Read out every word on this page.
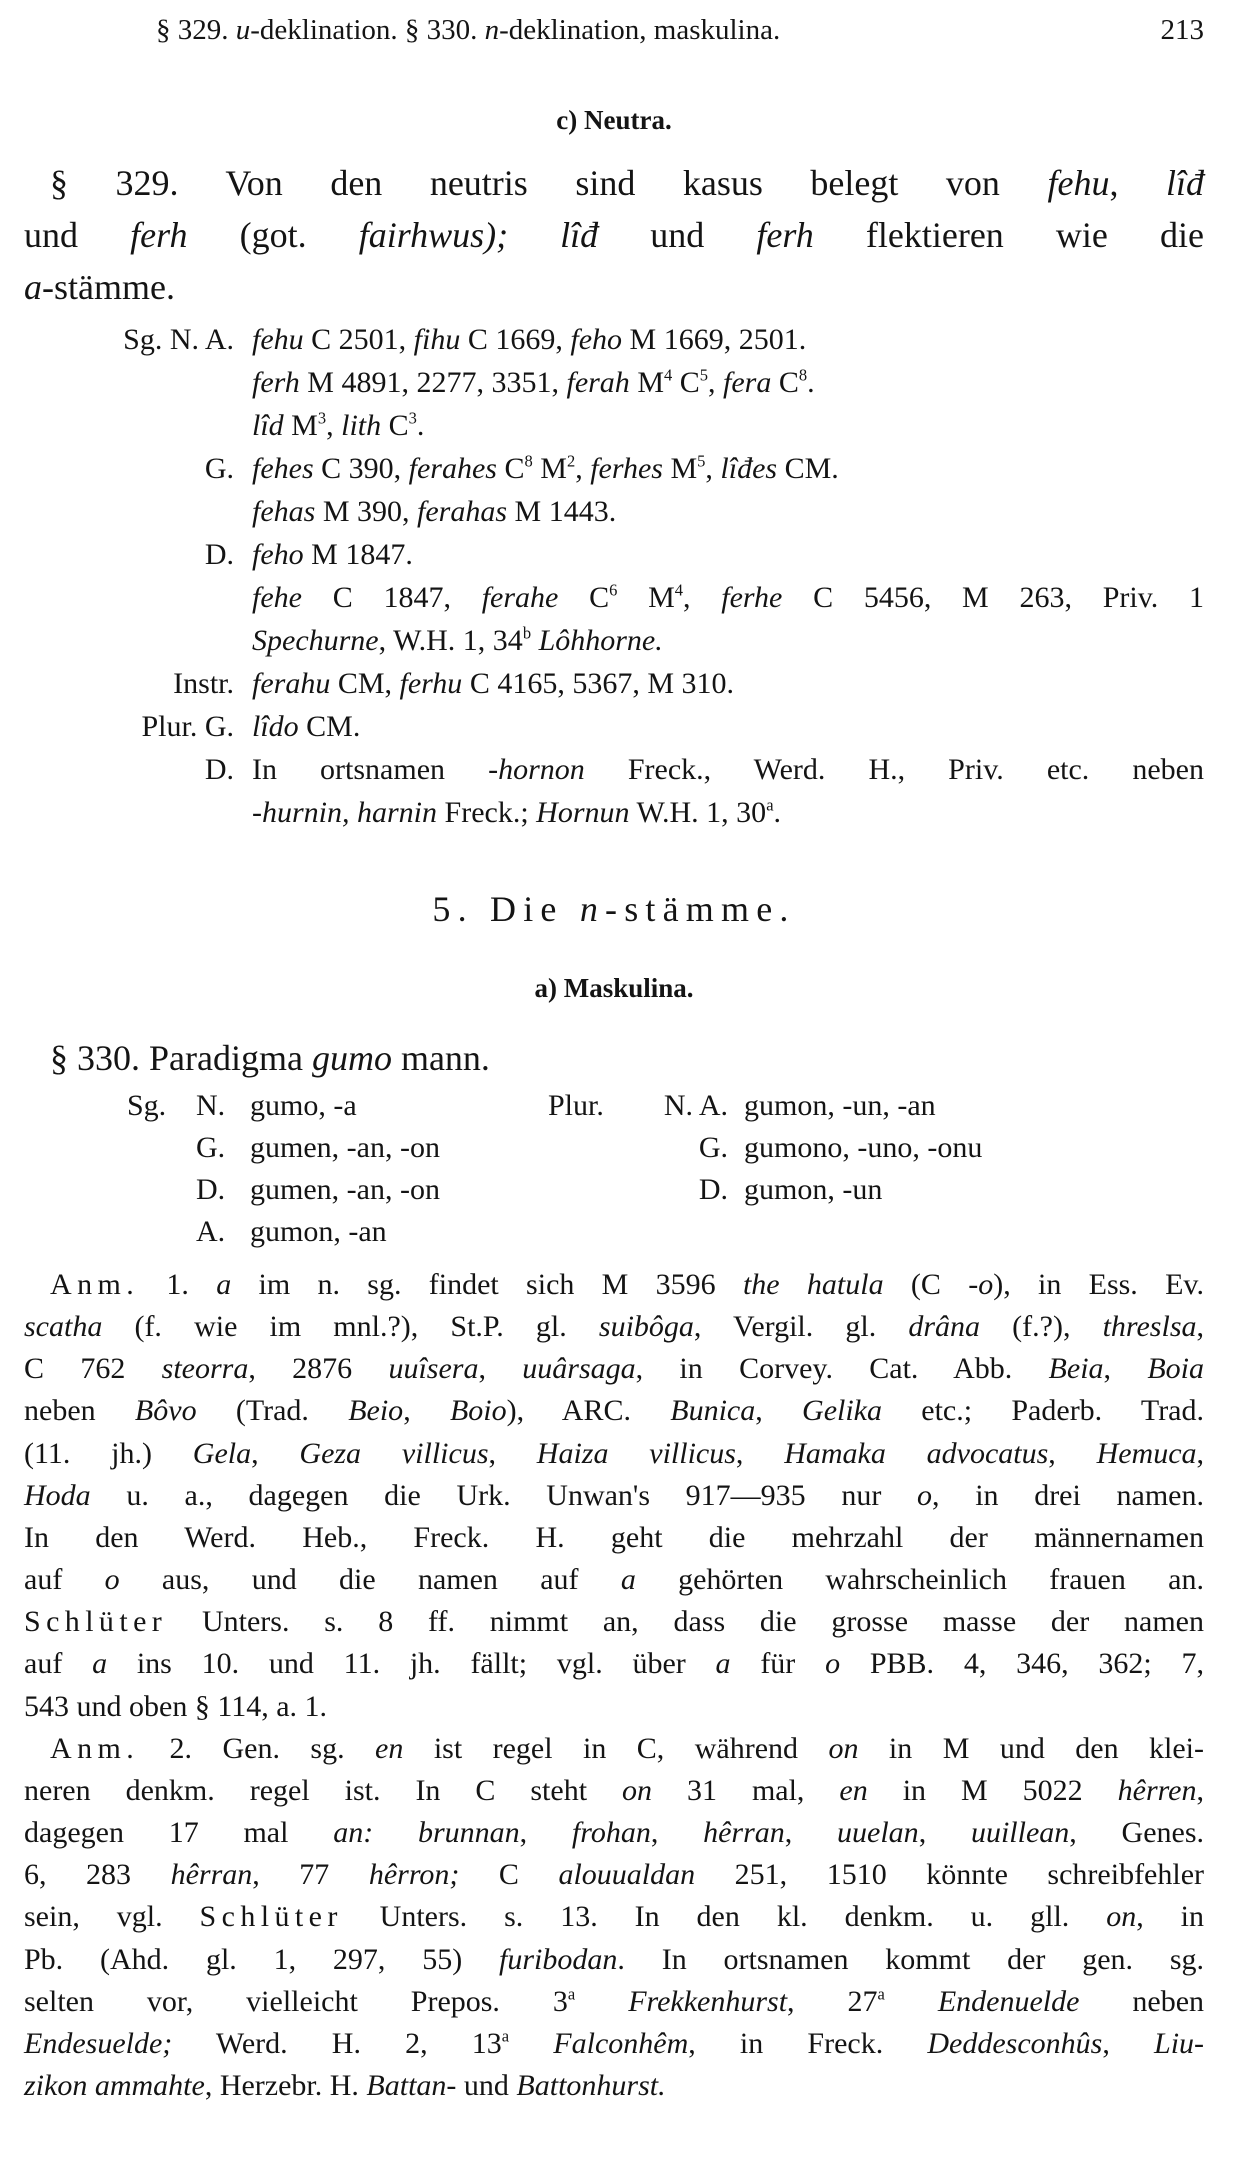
§ 329. u-deklination. § 330. n-deklination, maskulina.	213
c) Neutra.
§ 329. Von den neutris sind kasus belegt von fehu, lîđ
und ferh (got. fairhwus); lîđ und ferh flektieren wie die
a-stämme.
Sg. N. A. fehu C 2501, fihu C 1669, feho M 1669, 2501.
ferh M 4891, 2277, 3351, ferah $M^4$ $C^5$, fera $C^8$.
lîd $M^3$, lith $C^3$.
G. fehes C 390, ferahes $C^8$ $M^2$, ferhes $M^5$, lîđes CM.
fehas M 390, ferahas M 1443.
D. feho M 1847.
fehe C 1847, ferahe $C^6$ $M^4$, ferhe C 5456, M 263, Priv. 1
Spechurne, W.H. 1, 34$^b$ Lôhhorne.
Instr. ferahu CM, ferhu C 4165, 5367, M 310.
Plur. G. lîdo CM.
D. In ortsnamen -hornon Freck., Werd. H., Priv. etc. neben
-hurnin, harnin Freck.; Hornun W.H. 1, 30$^a$.
5. Die n-stämme.
a) Maskulina.
§ 330. Paradigma gumo mann.
Sg. N. gumo, -a	Plur.	N. A. gumon, -un, -an
G. gumen, -an, -on	G. gumono, -uno, -onu
D. gumen, -an, -on	D. gumon, -un
A. gumon, -an
Anm. 1. a im n. sg. findet sich M 3596 the hatula (C -o), in Ess. Ev.
scatha (f. wie im mnl.?), St.P. gl. suibôga, Vergil. gl. drâna (f.?), threslsa,
C 762 steorra, 2876 uuîsera, uuârsaga, in Corvey. Cat. Abb. Beia, Boia
neben Bôvo (Trad. Beio, Boio), ARC. Bunica, Gelika etc.; Paderb. Trad.
(11. jh.) Gela, Geza villicus, Haiza villicus, Hamaka advocatus, Hemuca,
Hoda u. a., dagegen die Urk. Unwan's 917—935 nur o, in drei namen.
In den Werd. Heb., Freck. H. geht die mehrzahl der männernamen
auf o aus, und die namen auf a gehörten wahrscheinlich frauen an.
Schlüter Unters. s. 8 ff. nimmt an, dass die grosse masse der namen
auf a ins 10. und 11. jh. fällt; vgl. über a für o PBB. 4, 346, 362; 7,
543 und oben § 114, a. 1.
Anm. 2. Gen. sg. en ist regel in C, während on in M und den klei-
neren denkm. regel ist. In C steht on 31 mal, en in M 5022 hêrren,
dagegen 17 mal an: brunnan, frohan, hêrran, uuelan, uuillean, Genes.
6, 283 hêrran, 77 hêrron; C alouualdan 251, 1510 könnte schreibfehler
sein, vgl. Schlüter Unters. s. 13. In den kl. denkm. u. gll. on, in
Pb. (Ahd. gl. 1, 297, 55) furibodan. In ortsnamen kommt der gen. sg.
selten vor, vielleicht Prepos. 3$^a$ Frekkenhurst, 27$^a$ Endenuelde neben
Endesuelde; Werd. H. 2, 13$^a$ Falconhêm, in Freck. Deddesconhûs, Liu-
zikon ammahte, Herzebr. H. Battan- und Battonhurst.
